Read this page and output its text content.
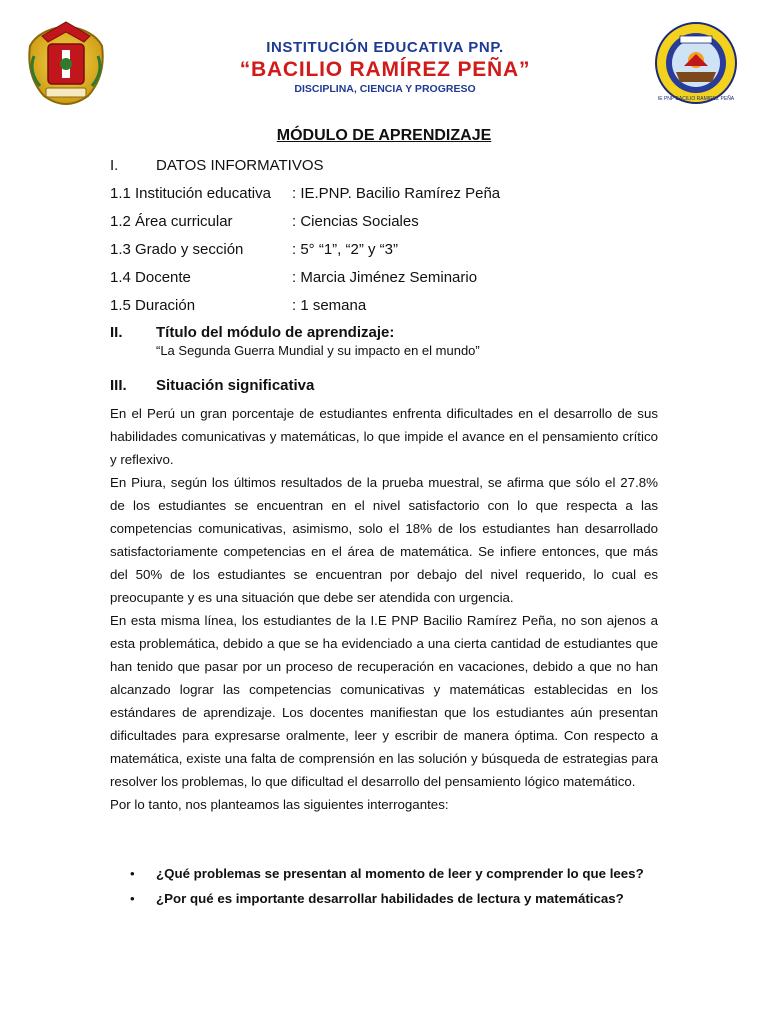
IE PNP BACILIO RAMIREZ PEÑA
INSTITUCIÓN EDUCATIVA PNP.
“BACILIO RAMÍREZ PEÑA”
DISCIPLINA, CIENCIA Y PROGRESO
MÓDULO DE APRENDIZAJE
I.	DATOS INFORMATIVOS
1.1 Institución educativa : IE.PNP. Bacilio Ramírez Peña
1.2 Área curricular	: Ciencias Sociales
1.3 Grado y sección	: 5° “1”, “2” y “3”
1.4 Docente	: Marcia Jiménez Seminario
1.5 Duración	: 1 semana
II. Título del módulo de aprendizaje:
“La Segunda Guerra Mundial y su impacto en el mundo”
III. Situación significativa

En el Perú un gran porcentaje de estudiantes enfrenta dificultades en el desarrollo de sus habilidades comunicativas y matemáticas, lo que impide el avance en el pensamiento crítico y reflexivo.

En Piura, según los últimos resultados de la prueba muestral, se afirma que sólo el 27.8% de los estudiantes se encuentran en el nivel satisfactorio con lo que respecta a las competencias comunicativas, asimismo, solo el 18% de los estudiantes han desarrollado satisfactoriamente competencias en el área de matemática. Se infiere entonces, que más del 50% de los estudiantes se encuentran por debajo del nivel requerido, lo cual es preocupante y es una situación que debe ser atendida con urgencia.

En esta misma línea, los estudiantes de la I.E PNP Bacilio Ramírez Peña, no son ajenos a esta problemática, debido a que se ha evidenciado a una cierta cantidad de estudiantes que han tenido que pasar por un proceso de recuperación en vacaciones, debido a que no han alcanzado lograr las competencias comunicativas y matemáticas establecidas en los estándares de aprendizaje. Los docentes manifiestan que los estudiantes aún presentan dificultades para expresarse oralmente, leer y escribir de manera óptima. Con respecto a matemática, existe una falta de comprensión en las solución y búsqueda de estrategias para resolver los problemas, lo que dificultad el desarrollo del pensamiento lógico matemático.

Por lo tanto, nos planteamos las siguientes interrogantes:

• ¿Qué problemas se presentan al momento de leer y comprender lo que lees?
• ¿Por qué es importante desarrollar habilidades de lectura y matemáticas?
